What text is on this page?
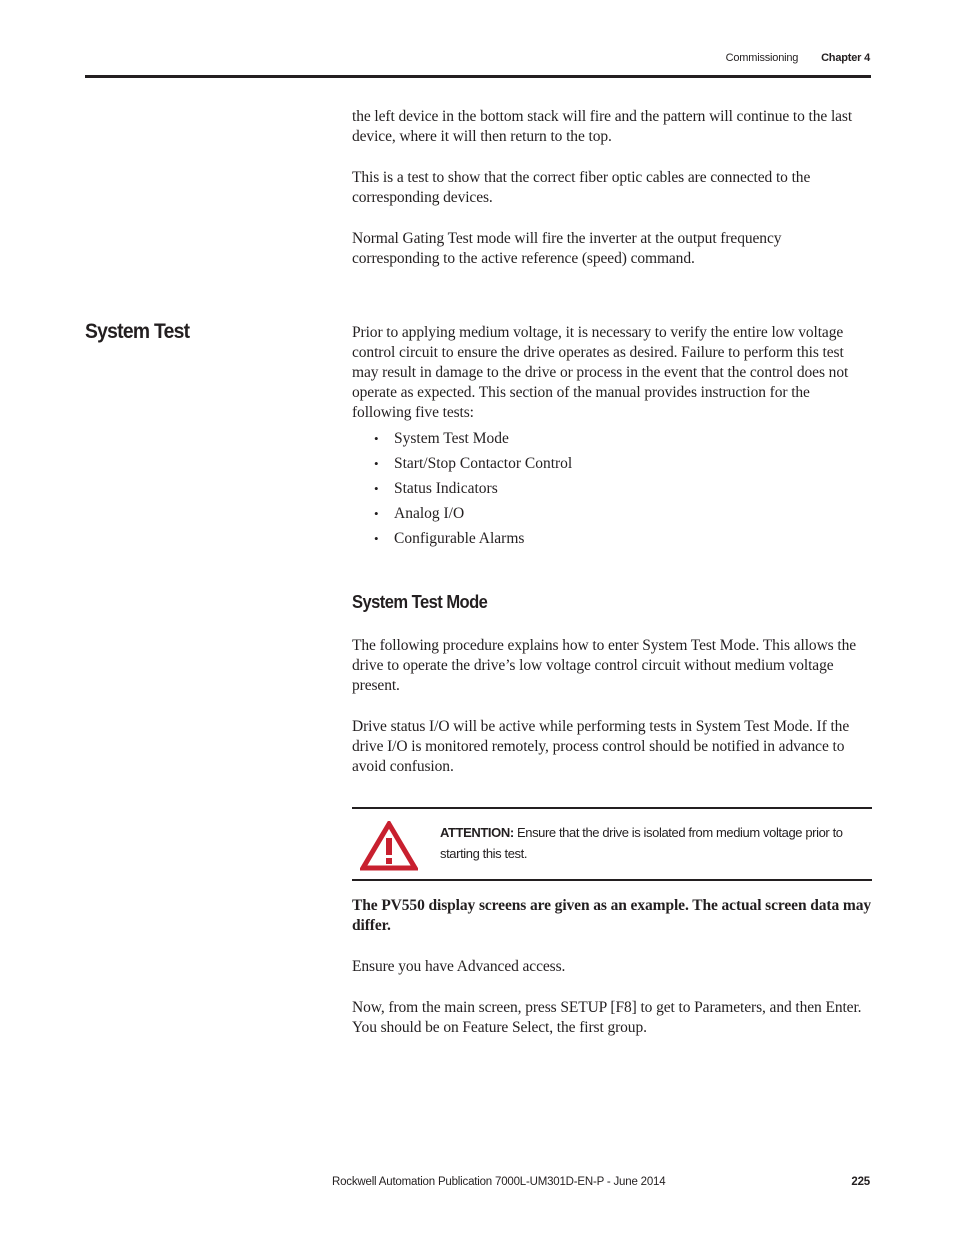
Commissioning Chapter 4

the left device in the bottom stack will fire and the pattern will continue to the last device, where it will then return to the top.

This is a test to show that the correct fiber optic cables are connected to the corresponding devices.

Normal Gating Test mode will fire the inverter at the output frequency corresponding to the active reference (speed) command.

System Test	Prior to applying medium voltage, it is necessary to verify the entire low voltage control circuit to ensure the drive operates as desired. Failure to perform this test may result in damage to the drive or process in the event that the control does not operate as expected. This section of the manual provides instruction for the following five tests:

• System Test Mode
• Start/Stop Contactor Control
• Status Indicators
• Analog I/O
• Configurable Alarms
System Test Mode

The following procedure explains how to enter System Test Mode. This allows the drive to operate the drive’s low voltage control circuit without medium voltage present.

Drive status I/O will be active while performing tests in System Test Mode. If the drive I/O is monitored remotely, process control should be notified in advance to avoid confusion.

ATTENTION: Ensure that the drive is isolated from medium voltage prior to starting this test.

The PV550 display screens are given as an example. The actual screen data may differ.

Ensure you have Advanced access.

Now, from the main screen, press SETUP [F8] to get to Parameters, and then Enter. You should be on Feature Select, the first group.

Rockwell Automation Publication 7000L-UM301D-EN-P - June 2014	225
